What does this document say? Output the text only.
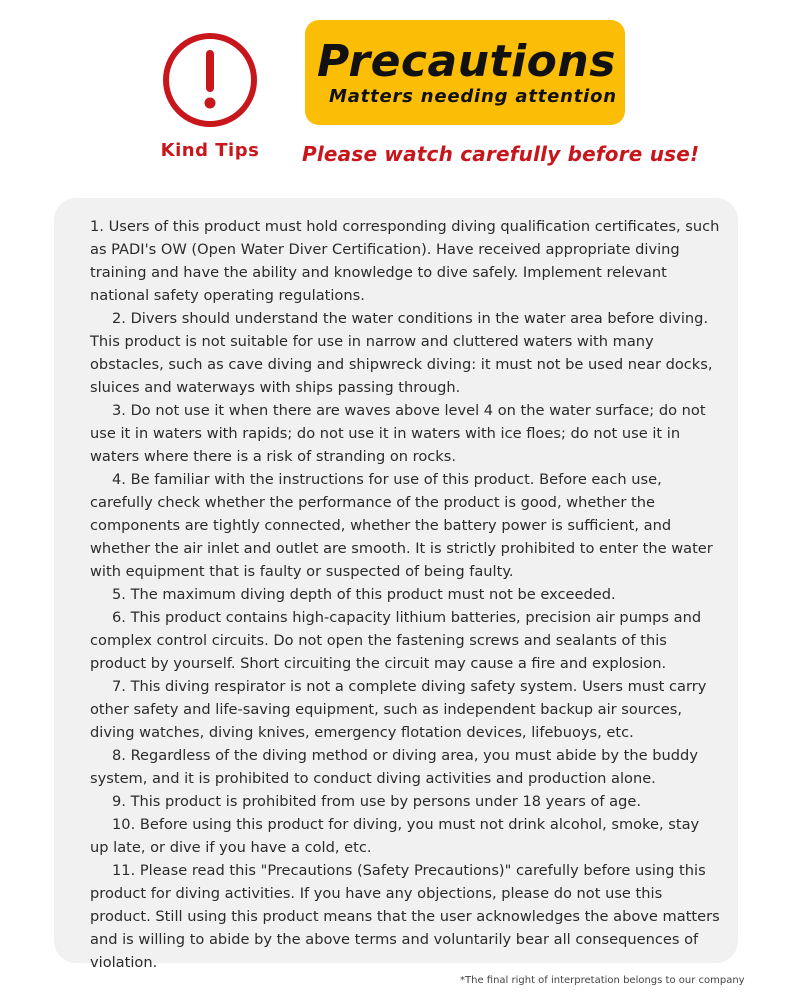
Kind Tips
Precautions
Matters needing attention
Please watch carefully before use!

1. Users of this product must hold corresponding diving qualification certificates, such as PADI's OW (Open Water Diver Certification). Have received appropriate diving training and have the ability and knowledge to dive safely. Implement relevant national safety operating regulations.

2. Divers should understand the water conditions in the water area before diving. This product is not suitable for use in narrow and cluttered waters with many obstacles, such as cave diving and shipwreck diving: it must not be used near docks, sluices and waterways with ships passing through.

3. Do not use it when there are waves above level 4 on the water surface; do not use it in waters with rapids; do not use it in waters with ice floes; do not use it in waters where there is a risk of stranding on rocks.

4. Be familiar with the instructions for use of this product. Before each use, carefully check whether the performance of the product is good, whether the components are tightly connected, whether the battery power is sufficient, and whether the air inlet and outlet are smooth. It is strictly prohibited to enter the water with equipment that is faulty or suspected of being faulty.

5. The maximum diving depth of this product must not be exceeded.

6. This product contains high-capacity lithium batteries, precision air pumps and complex control circuits. Do not open the fastening screws and sealants of this product by yourself. Short circuiting the circuit may cause a fire and explosion.

7. This diving respirator is not a complete diving safety system. Users must carry other safety and life-saving equipment, such as independent backup air sources, diving watches, diving knives, emergency flotation devices, lifebuoys, etc.

8. Regardless of the diving method or diving area, you must abide by the buddy system, and it is prohibited to conduct diving activities and production alone.

9. This product is prohibited from use by persons under 18 years of age.

10. Before using this product for diving, you must not drink alcohol, smoke, stay up late, or dive if you have a cold, etc.

11. Please read this "Precautions (Safety Precautions)" carefully before using this product for diving activities. If you have any objections, please do not use this product. Still using this product means that the user acknowledges the above matters and is willing to abide by the above terms and voluntarily bear all consequences of violation.

*The final right of interpretation belongs to our company
